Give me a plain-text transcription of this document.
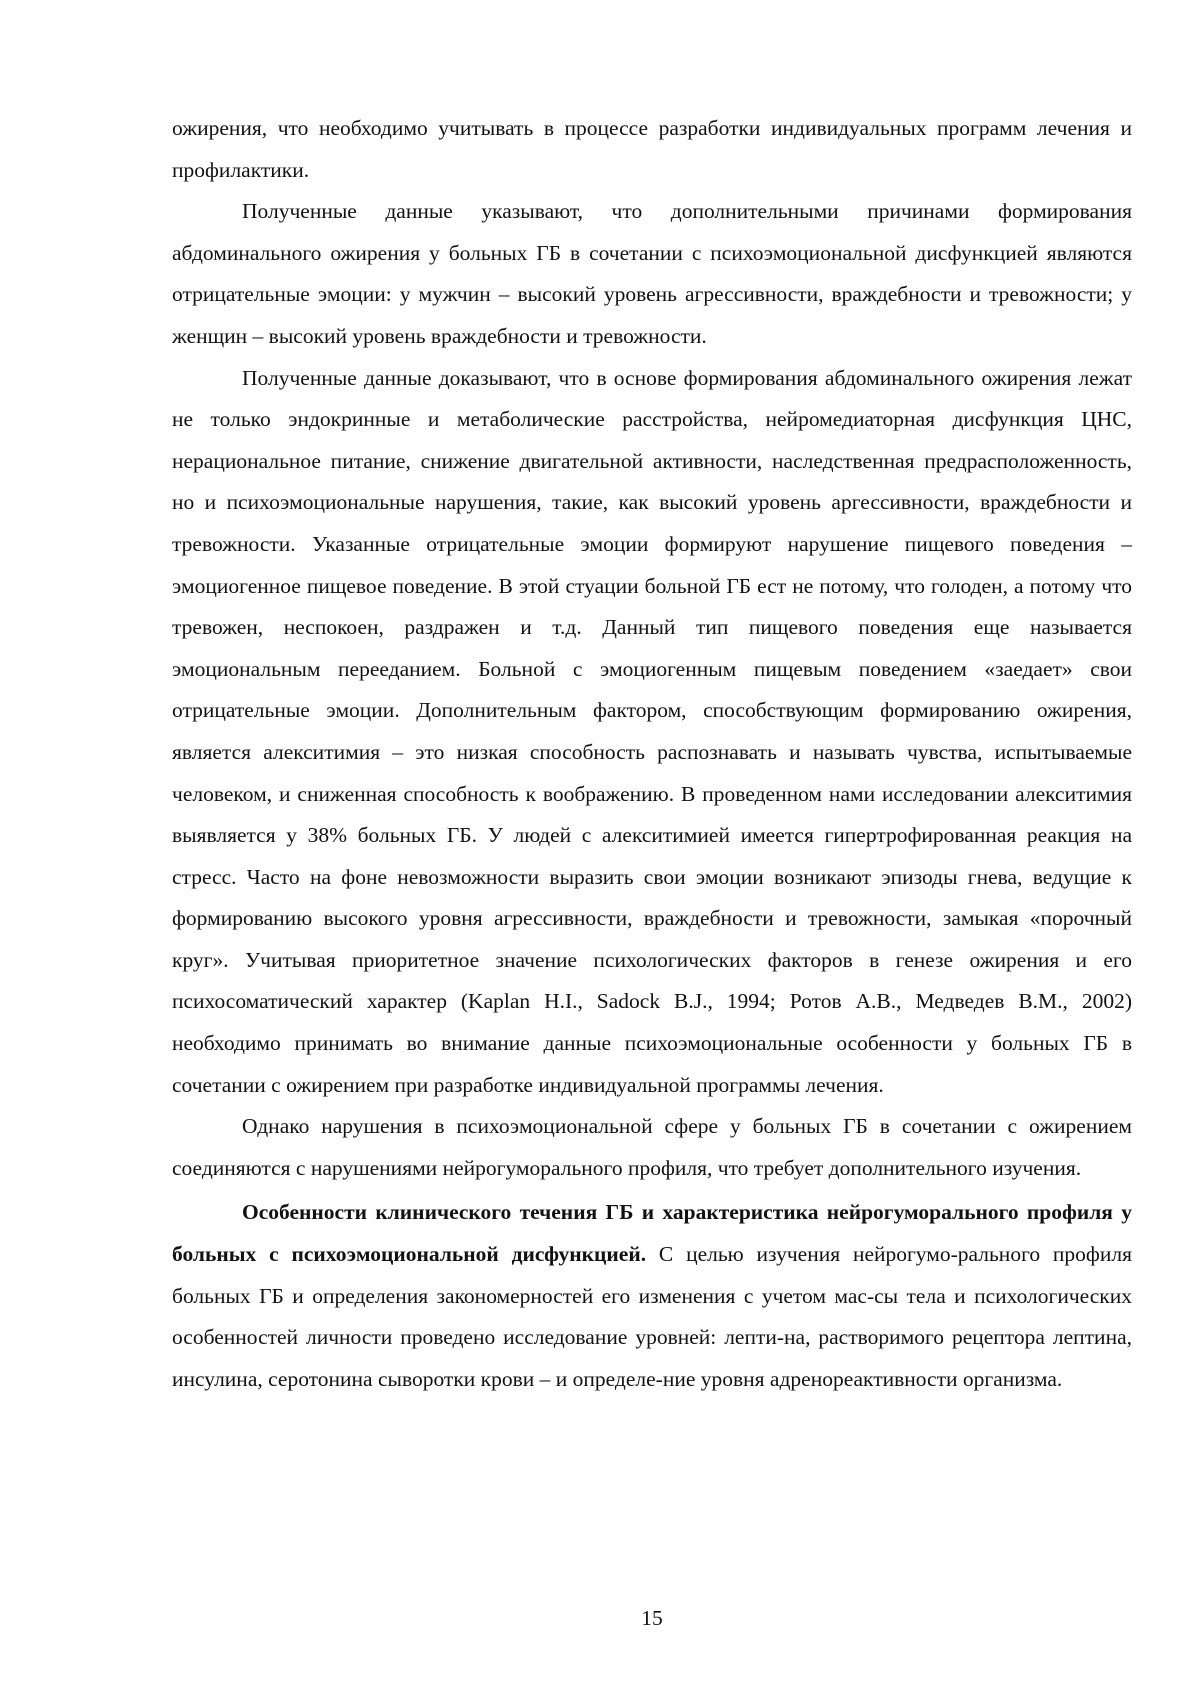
ожирения, что необходимо учитывать в процессе разработки индивидуальных программ лечения и профилактики.

Полученные данные указывают, что дополнительными причинами формирования абдоминального ожирения у больных ГБ в сочетании с психоэмоциональной дисфункцией являются отрицательные эмоции: у мужчин – высокий уровень агрессивности, враждебности и тревожности; у женщин – высокий уровень враждебности и тревожности.

Полученные данные доказывают, что в основе формирования абдоминального ожирения лежат не только эндокринные и метаболические расстройства, нейромедиаторная дисфункция ЦНС, нерациональное питание, снижение двигательной активности, наследственная предрасположенность, но и психоэмоциональные нарушения, такие, как высокий уровень аргессивности, враждебности и тревожности. Указанные отрицательные эмоции формируют нарушение пищевого поведения – эмоциогенное пищевое поведение. В этой стуации больной ГБ ест не потому, что голоден, а потому что тревожен, неспокоен, раздражен и т.д. Данный тип пищевого поведения еще называется эмоциональным перееданием. Больной с эмоциогенным пищевым поведением «заедает» свои отрицательные эмоции. Дополнительным фактором, способствующим формированию ожирения, является алекситимия – это низкая способность распознавать и называть чувства, испытываемые человеком, и сниженная способность к воображению. В проведенном нами исследовании алекситимия выявляется у 38% больных ГБ. У людей с алекситимией имеется гипертрофированная реакция на стресс. Часто на фоне невозможности выразить свои эмоции возникают эпизоды гнева, ведущие к формированию высокого уровня агрессивности, враждебности и тревожности, замыкая «порочный круг». Учитывая приоритетное значение психологических факторов в генезе ожирения и его психосоматический характер (Kaplan H.I., Sadock B.J., 1994; Ротов А.В., Медведев В.М., 2002) необходимо принимать во внимание данные психоэмоциональные особенности у больных ГБ в сочетании с ожирением при разработке индивидуальной программы лечения.

Однако нарушения в психоэмоциональной сфере у больных ГБ в сочетании с ожирением соединяются с нарушениями нейрогуморального профиля, что требует дополнительного изучения.

Особенности клинического течения ГБ и характеристика нейрогуморального профиля у больных с психоэмоциональной дисфункцией. С целью изучения нейрогумо-рального профиля больных ГБ и определения закономерностей его изменения с учетом мас-сы тела и психологических особенностей личности проведено исследование уровней: лепти-на, растворимого рецептора лептина, инсулина, серотонина сыворотки крови – и определе-ние уровня адренореактивности организма.

15
